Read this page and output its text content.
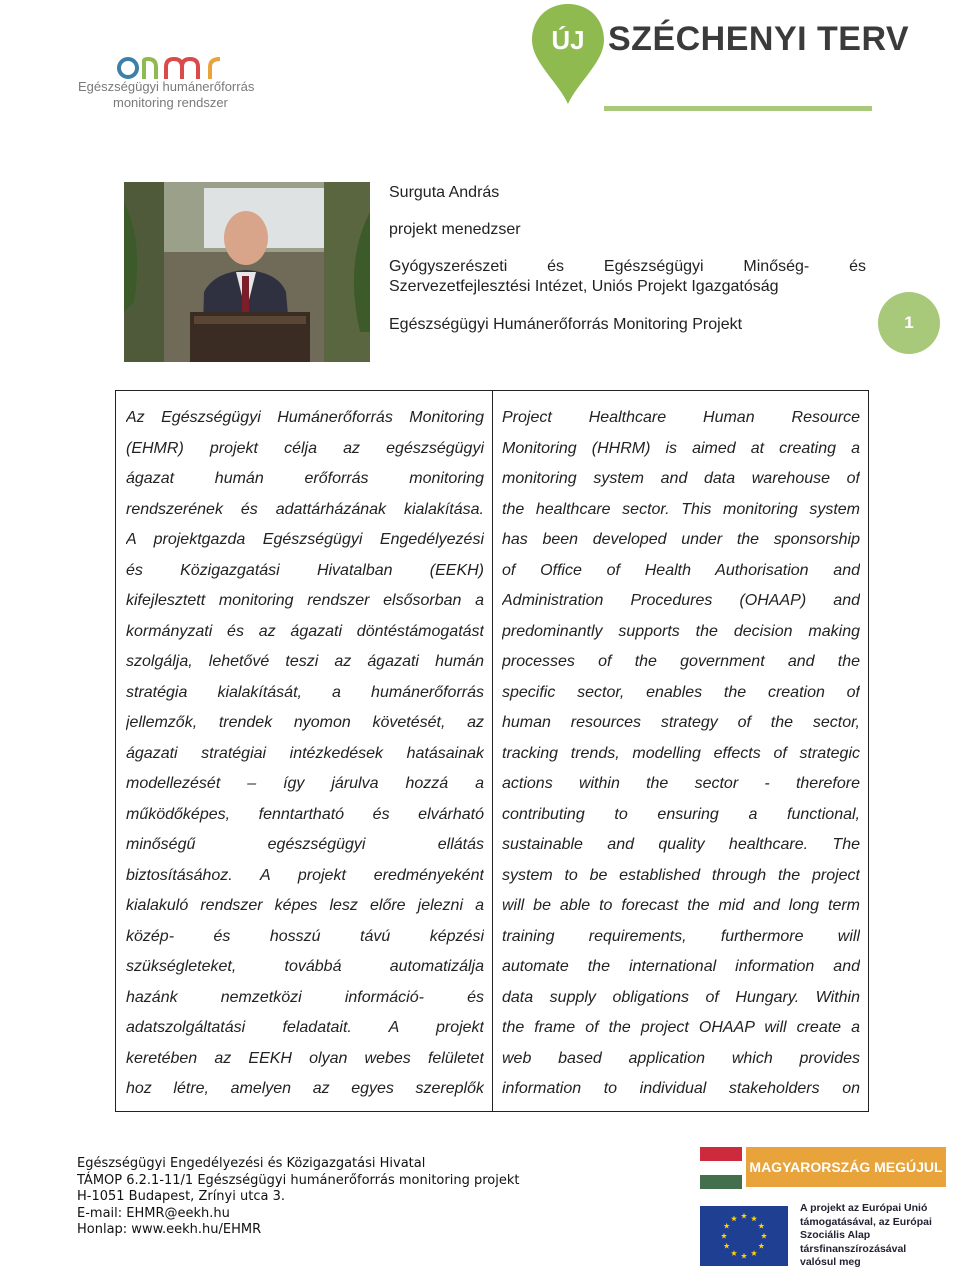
Egészségügyi humánerőforrás
monitoring rendszer
ÚJ SZÉCHENYI TERV
Surguta András
projekt menedzser
Gyógyszerészeti és Egészségügyi Minőség- és
Szervezetfejlesztési Intézet, Uniós Projekt Igazgatóság
Egészségügyi Humánerőforrás Monitoring Projekt	1
Az Egészségügyi Humánerőforrás Monitoring
(EHMR) projekt célja az egészségügyi
ágazat humán erőforrás monitoring
rendszerének és adattárházának kialakítása.
A projektgazda Egészségügyi Engedélyezési
és Közigazgatási Hivatalban (EEKH)
kifejlesztett monitoring rendszer elsősorban a
kormányzati és az ágazati döntéstámogatást
szolgálja, lehetővé teszi az ágazati humán
stratégia kialakítását, a humánerőforrás
jellemzők, trendek nyomon követését, az
ágazati stratégiai intézkedések hatásainak
modellezését – így járulva hozzá a
működőképes, fenntartható és elvárható
minőségű egészségügyi ellátás
biztosításához. A projekt eredményeként
kialakuló rendszer képes lesz előre jelezni a
közép- és hosszú távú képzési
szükségleteket, továbbá automatizálja
hazánk nemzetközi információ- és
adatszolgáltatási feladatait. A projekt
keretében az EEKH olyan webes felületet
hoz létre, amelyen az egyes szereplők
Project Healthcare Human Resource
Monitoring (HHRM) is aimed at creating a
monitoring system and data warehouse of
the healthcare sector. This monitoring system
has been developed under the sponsorship
of Office of Health Authorisation and
Administration Procedures (OHAAP) and
predominantly supports the decision making
processes of the government and the
specific sector, enables the creation of
human resources strategy of the sector,
tracking trends, modelling effects of strategic
actions within the sector - therefore
contributing to ensuring a functional,
sustainable and quality healthcare. The
system to be established through the project
will be able to forecast the mid and long term
training requirements, furthermore will
automate the international information and
data supply obligations of Hungary. Within
the frame of the project OHAAP will create a
web based application which provides
information to individual stakeholders on
Egészségügyi Engedélyezési és Közigazgatási Hivatal
TÁMOP 6.2.1-11/1 Egészségügyi humánerőforrás monitoring projekt
H-1051 Budapest, Zrínyi utca 3.
E-mail: EHMR@eekh.hu
Honlap: www.eekh.hu/EHMR
MAGYARORSZÁG MEGÚJUL
A projekt az Európai Unió
támogatásával, az Európai
Szociális Alap
társfinanszírozásával
valósul meg
